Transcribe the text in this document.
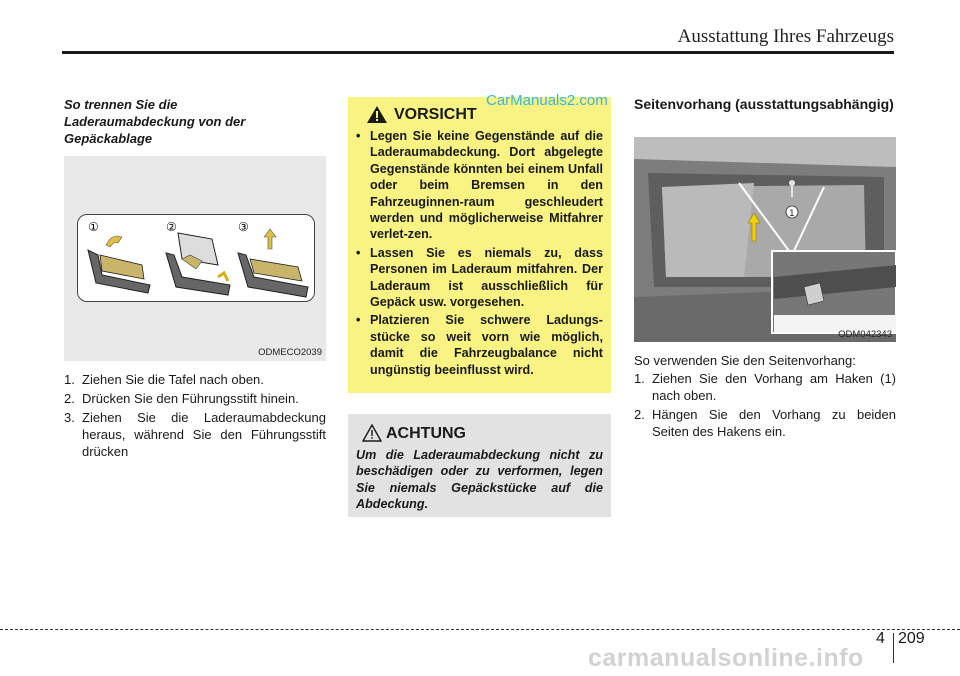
Ausstattung Ihres Fahrzeugs
So trennen Sie die Laderaumabdeckung von der Gepäckablage
①	②	③
ODMECO2039
1. Ziehen Sie die Tafel nach oben.
2. Drücken Sie den Führungsstift hinein.
3. Ziehen Sie die Laderaumabdeckung heraus, während Sie den Führungsstift drücken
VORSICHT
• Legen Sie keine Gegenstände auf die Laderaumabdeckung. Dort abgelegte Gegenstände könnten bei einem Unfall oder beim Bremsen in den Fahrzeuginnen-raum geschleudert werden und möglicherweise Mitfahrer verlet-zen.
• Lassen Sie es niemals zu, dass Personen im Laderaum mitfahren. Der Laderaum ist ausschließlich für Gepäck usw. vorgesehen.
• Platzieren Sie schwere Ladungs-stücke so weit vorn wie möglich, damit die Fahrzeugbalance nicht ungünstig beeinflusst wird.
CarManuals2.com
ACHTUNG
Um die Laderaumabdeckung nicht zu beschädigen oder zu verformen, legen Sie niemals Gepäckstücke auf die Abdeckung.
Seitenvorhang (ausstattungsabhängig)
1
ODM042343
So verwenden Sie den Seitenvorhang:
1. Ziehen Sie den Vorhang am Haken (1) nach oben.
2. Hängen Sie den Vorhang zu beiden Seiten des Hakens ein.
4 209
carmanualsonline.info
